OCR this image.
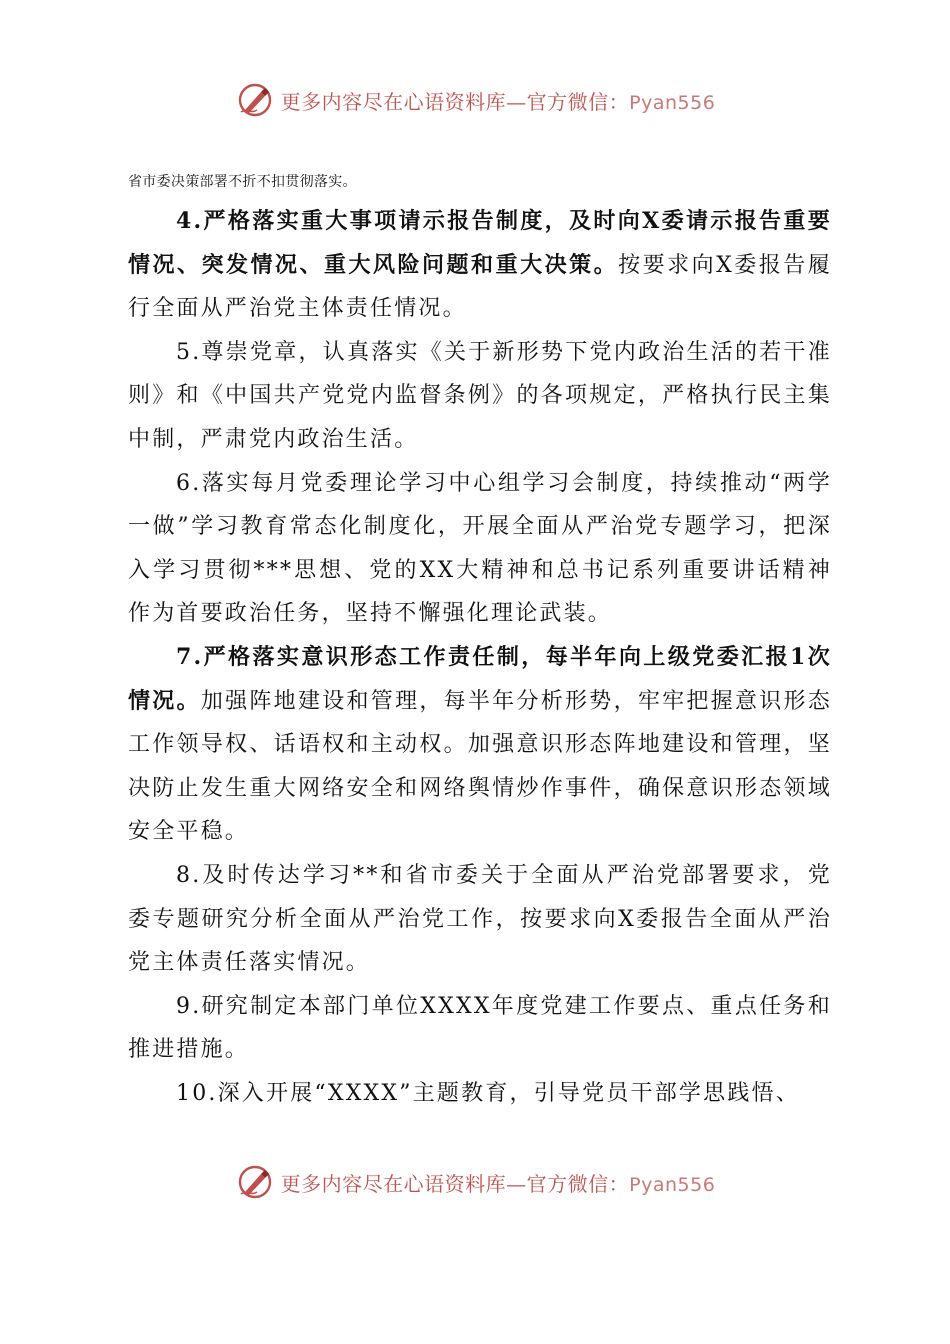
更多内容尽在心语资料库—官方微信：Pyan556

省市委决策部署不折不扣贯彻落实。

4.严格落实重大事项请示报告制度，及时向X委请示报告重要情况、突发情况、重大风险问题和重大决策。按要求向X委报告履行全面从严治党主体责任情况。

5.尊崇党章，认真落实《关于新形势下党内政治生活的若干准则》和《中国共产党党内监督条例》的各项规定，严格执行民主集中制，严肃党内政治生活。

6.落实每月党委理论学习中心组学习会制度，持续推动“两学一做”学习教育常态化制度化，开展全面从严治党专题学习，把深入学习贯彻***思想、党的XX大精神和总书记系列重要讲话精神作为首要政治任务，坚持不懈强化理论武装。

7.严格落实意识形态工作责任制，每半年向上级党委汇报1次情况。加强阵地建设和管理，每半年分析形势，牢牢把握意识形态工作领导权、话语权和主动权。加强意识形态阵地建设和管理，坚决防止发生重大网络安全和网络舆情炒作事件，确保意识形态领域安全平稳。

8.及时传达学习**和省市委关于全面从严治党部署要求，党委专题研究分析全面从严治党工作，按要求向X委报告全面从严治党主体责任落实情况。

9.研究制定本部门单位XXXX年度党建工作要点、重点任务和推进措施。

10.深入开展“XXXX”主题教育，引导党员干部学思践悟、

更多内容尽在心语资料库—官方微信：Pyan556
